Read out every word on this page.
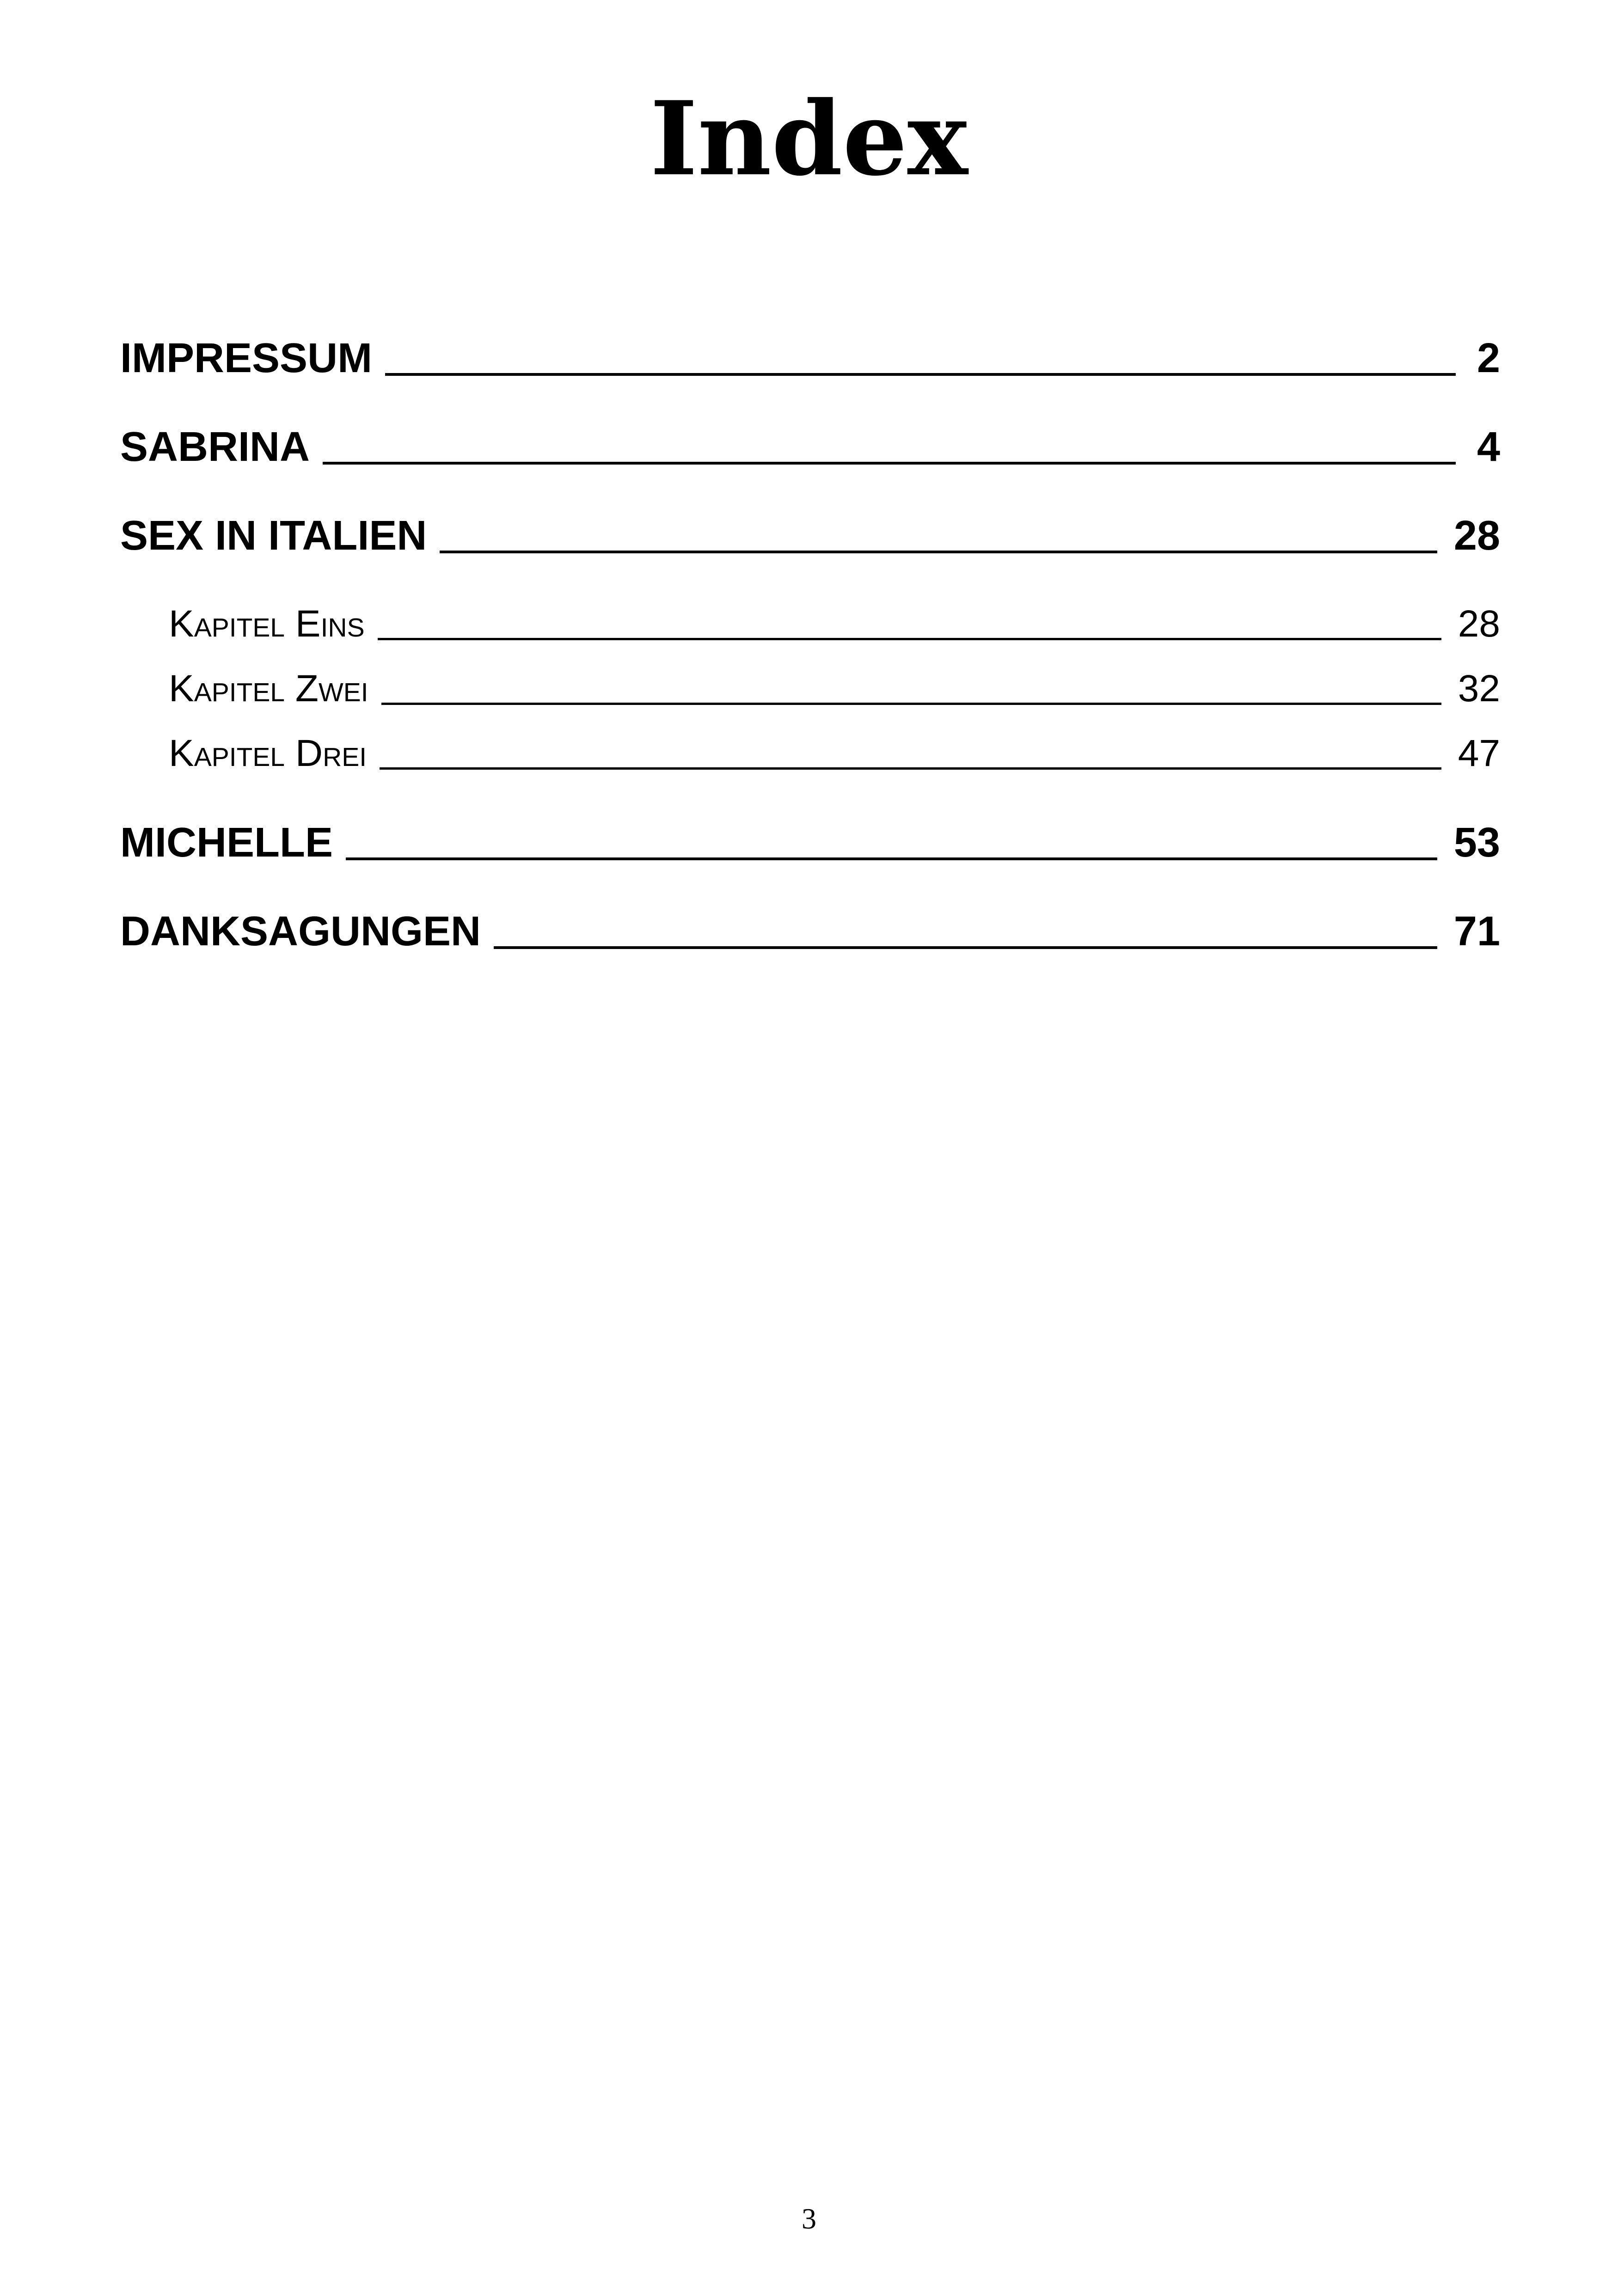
Index
IMPRESSUM	2
SABRINA	4
SEX IN ITALIEN	28
Kapitel Eins	28
Kapitel Zwei	32
Kapitel Drei	47
MICHELLE	53
DANKSAGUNGEN	71

3
